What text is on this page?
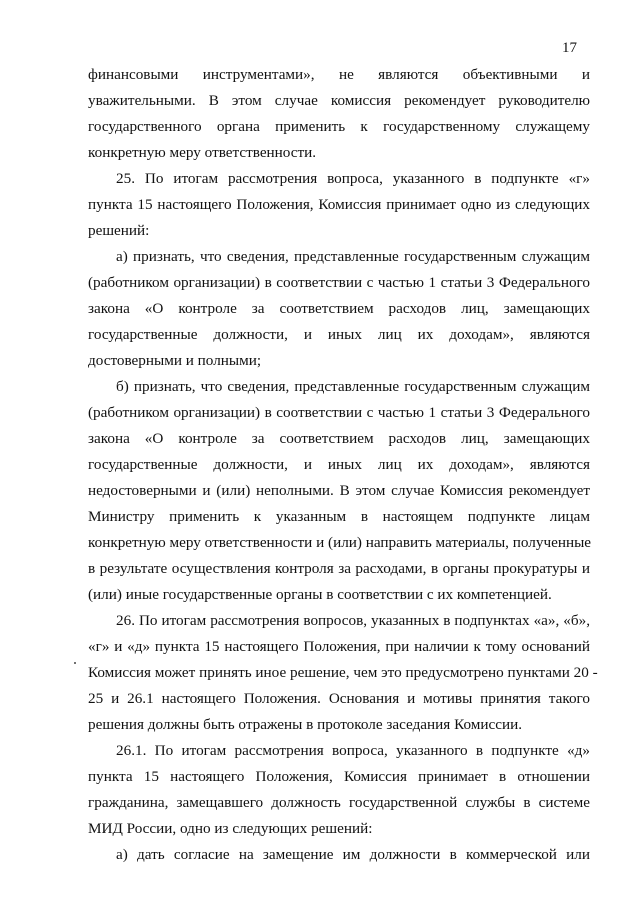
17
финансовыми инструментами», не являются объективными и
уважительными. В этом случае комиссия рекомендует руководителю
государственного органа применить к государственному служащему
конкретную меру ответственности.
25. По итогам рассмотрения вопроса, указанного в подпункте «г»
пункта 15 настоящего Положения, Комиссия принимает одно из следующих
решений:
а) признать, что сведения, представленные государственным служащим
(работником организации) в соответствии с частью 1 статьи 3 Федерального
закона «О контроле за соответствием расходов лиц, замещающих
государственные должности, и иных лиц их доходам», являются
достоверными и полными;
б) признать, что сведения, представленные государственным служащим
(работником организации) в соответствии с частью 1 статьи 3 Федерального
закона «О контроле за соответствием расходов лиц, замещающих
государственные должности, и иных лиц их доходам», являются
недостоверными и (или) неполными. В этом случае Комиссия рекомендует
Министру применить к указанным в настоящем подпункте лицам
конкретную меру ответственности и (или) направить материалы, полученные
в результате осуществления контроля за расходами, в органы прокуратуры и
(или) иные государственные органы в соответствии с их компетенцией.
26. По итогам рассмотрения вопросов, указанных в подпунктах «а», «б»,
«г» и «д» пункта 15 настоящего Положения, при наличии к тому оснований
Комиссия может принять иное решение, чем это предусмотрено пунктами 20 -
25 и 26.1 настоящего Положения. Основания и мотивы принятия такого
решения должны быть отражены в протоколе заседания Комиссии.
26.1. По итогам рассмотрения вопроса, указанного в подпункте «д»
пункта 15 настоящего Положения, Комиссия принимает в отношении
гражданина, замещавшего должность государственной службы в системе
МИД России, одно из следующих решений:
а) дать согласие на замещение им должности в коммерческой или
